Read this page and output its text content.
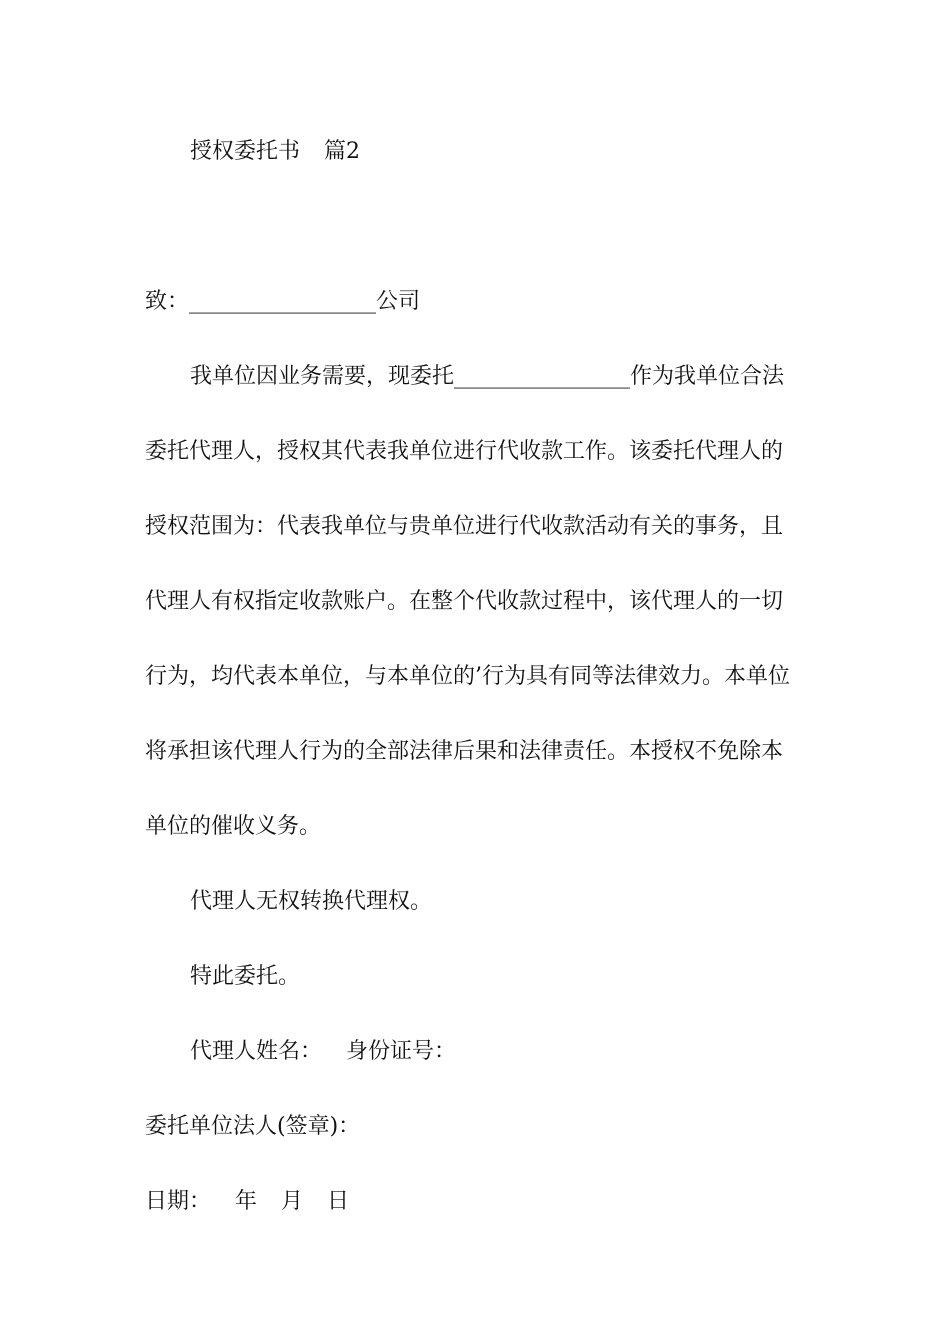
授权委托书 篇2
致：_________________公司
我单位因业务需要，现委托________________作为我单位合法
委托代理人，授权其代表我单位进行代收款工作。该委托代理人的
授权范围为：代表我单位与贵单位进行代收款活动有关的事务，且
代理人有权指定收款账户。在整个代收款过程中，该代理人的一切
行为，均代表本单位，与本单位的’行为具有同等法律效力。本单位
将承担该代理人行为的全部法律后果和法律责任。本授权不免除本
单位的催收义务。
代理人无权转换代理权。
特此委托。
代理人姓名： 身份证号：
委托单位法人(签章)：
日期： 年 月 日
